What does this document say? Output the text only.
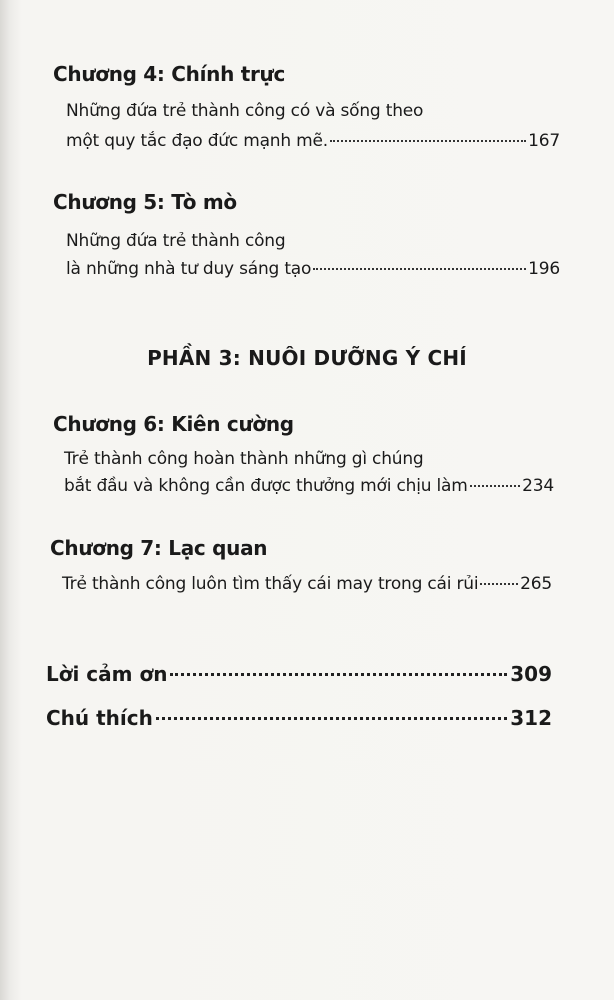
Chương 4: Chính trực
Những đứa trẻ thành công có và sống theo
một quy tắc đạo đức mạnh mẽ.	167
Chương 5: Tò mò
Những đứa trẻ thành công
là những nhà tư duy sáng tạo	196
PHẦN 3: NUÔI DƯỠNG Ý CHÍ
Chương 6: Kiên cường
Trẻ thành công hoàn thành những gì chúng
bắt đầu và không cần được thưởng mới chịu làm	234
Chương 7: Lạc quan
Trẻ thành công luôn tìm thấy cái may trong cái rủi 265
Lời cảm ơn	309
Chú thích	312
